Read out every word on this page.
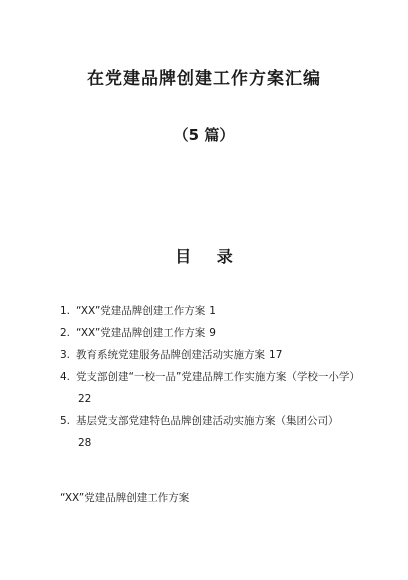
在党建品牌创建工作方案汇编
（5 篇）
目 录

1. “XX”党建品牌创建工作方案 1

2. “XX”党建品牌创建工作方案 9

3. 教育系统党建服务品牌创建活动实施方案 17

4. 党支部创建“一校一品”党建品牌工作实施方案（学校一小学）22

5. 基层党支部党建特色品牌创建活动实施方案（集团公司）28

“XX”党建品牌创建工作方案
